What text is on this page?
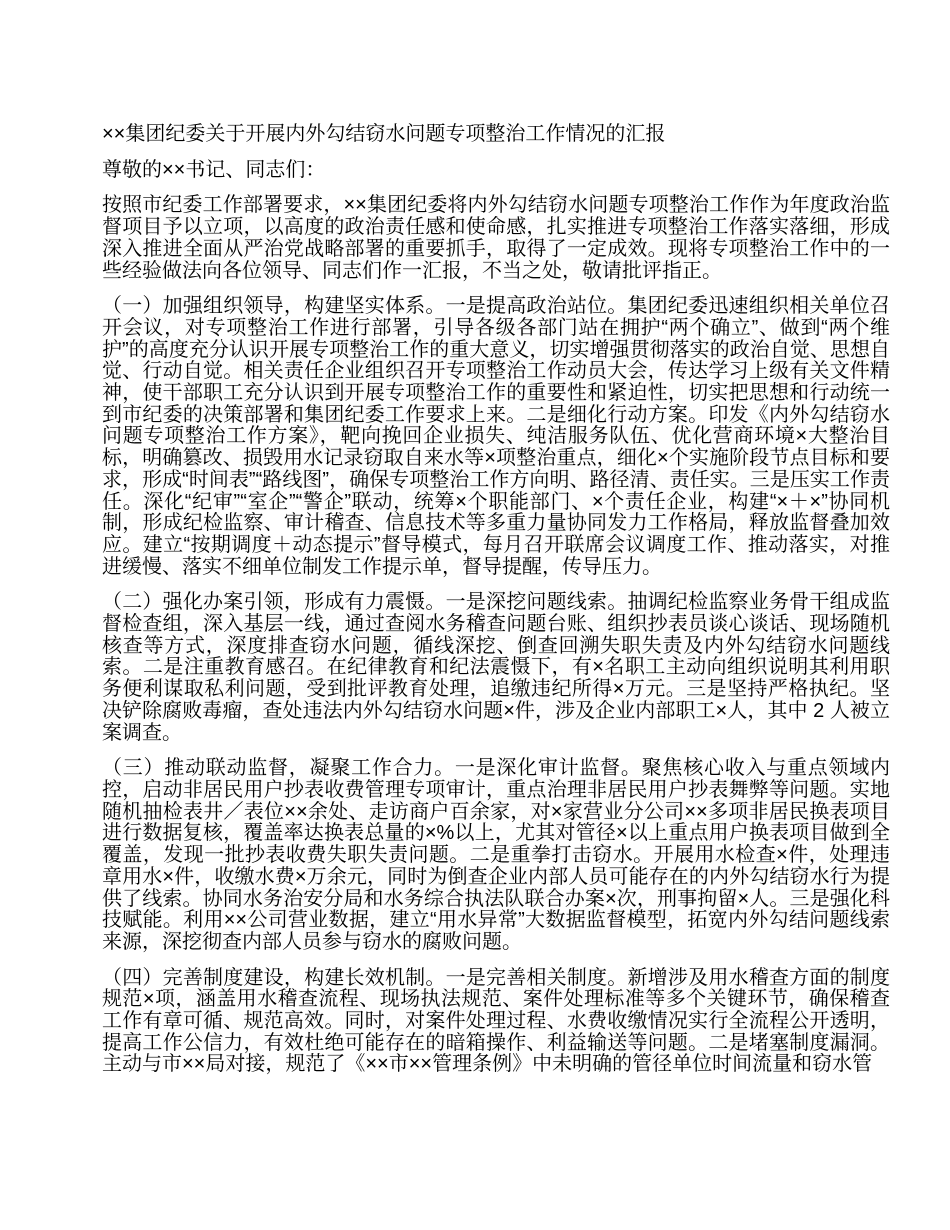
××集团纪委关于开展内外勾结窃水问题专项整治工作情况的汇报

尊敬的××书记、同志们：

按照市纪委工作部署要求，××集团纪委将内外勾结窃水问题专项整治工作作为年度政治监督项目予以立项，以高度的政治责任感和使命感，扎实推进专项整治工作落实落细，形成深入推进全面从严治党战略部署的重要抓手，取得了一定成效。现将专项整治工作中的一些经验做法向各位领导、同志们作一汇报，不当之处，敬请批评指正。

（一）加强组织领导，构建坚实体系。一是提高政治站位。集团纪委迅速组织相关单位召开会议，对专项整治工作进行部署，引导各级各部门站在拥护“两个确立”、做到“两个维护”的高度充分认识开展专项整治工作的重大意义，切实增强贯彻落实的政治自觉、思想自觉、行动自觉。相关责任企业组织召开专项整治工作动员大会，传达学习上级有关文件精神，使干部职工充分认识到开展专项整治工作的重要性和紧迫性，切实把思想和行动统一到市纪委的决策部署和集团纪委工作要求上来。二是细化行动方案。印发《内外勾结窃水问题专项整治工作方案》，靶向挽回企业损失、纯洁服务队伍、优化营商环境×大整治目标，明确篡改、损毁用水记录窃取自来水等×项整治重点，细化×个实施阶段节点目标和要求，形成“时间表”“路线图”，确保专项整治工作方向明、路径清、责任实。三是压实工作责任。深化“纪审”“室企”“警企”联动，统筹×个职能部门、×个责任企业，构建“×＋×”协同机制，形成纪检监察、审计稽查、信息技术等多重力量协同发力工作格局，释放监督叠加效应。建立“按期调度＋动态提示”督导模式，每月召开联席会议调度工作、推动落实，对推进缓慢、落实不细单位制发工作提示单，督导提醒，传导压力。

（二）强化办案引领，形成有力震慑。一是深挖问题线索。抽调纪检监察业务骨干组成监督检查组，深入基层一线，通过查阅水务稽查问题台账、组织抄表员谈心谈话、现场随机核查等方式，深度排查窃水问题，循线深挖、倒查回溯失职失责及内外勾结窃水问题线索。二是注重教育感召。在纪律教育和纪法震慑下，有×名职工主动向组织说明其利用职务便利谋取私利问题，受到批评教育处理，追缴违纪所得×万元。三是坚持严格执纪。坚决铲除腐败毒瘤，查处违法内外勾结窃水问题×件，涉及企业内部职工×人，其中 2 人被立案调查。

（三）推动联动监督，凝聚工作合力。一是深化审计监督。聚焦核心收入与重点领域内控，启动非居民用户抄表收费管理专项审计，重点治理非居民用户抄表舞弊等问题。实地随机抽检表井／表位××余处、走访商户百余家，对×家营业分公司××多项非居民换表项目进行数据复核，覆盖率达换表总量的×%以上，尤其对管径×以上重点用户换表项目做到全覆盖，发现一批抄表收费失职失责问题。二是重拳打击窃水。开展用水检查×件，处理违章用水×件，收缴水费×万余元，同时为倒查企业内部人员可能存在的内外勾结窃水行为提供了线索。协同水务治安分局和水务综合执法队联合办案×次，刑事拘留×人。三是强化科技赋能。利用××公司营业数据，建立“用水异常”大数据监督模型，拓宽内外勾结问题线索来源，深挖彻查内部人员参与窃水的腐败问题。

（四）完善制度建设，构建长效机制。一是完善相关制度。新增涉及用水稽查方面的制度规范×项，涵盖用水稽查流程、现场执法规范、案件处理标准等多个关键环节，确保稽查工作有章可循、规范高效。同时，对案件处理过程、水费收缴情况实行全流程公开透明，提高工作公信力，有效杜绝可能存在的暗箱操作、利益输送等问题。二是堵塞制度漏洞。主动与市××局对接，规范了《××市××管理条例》中未明确的管径单位时间流量和窃水管
